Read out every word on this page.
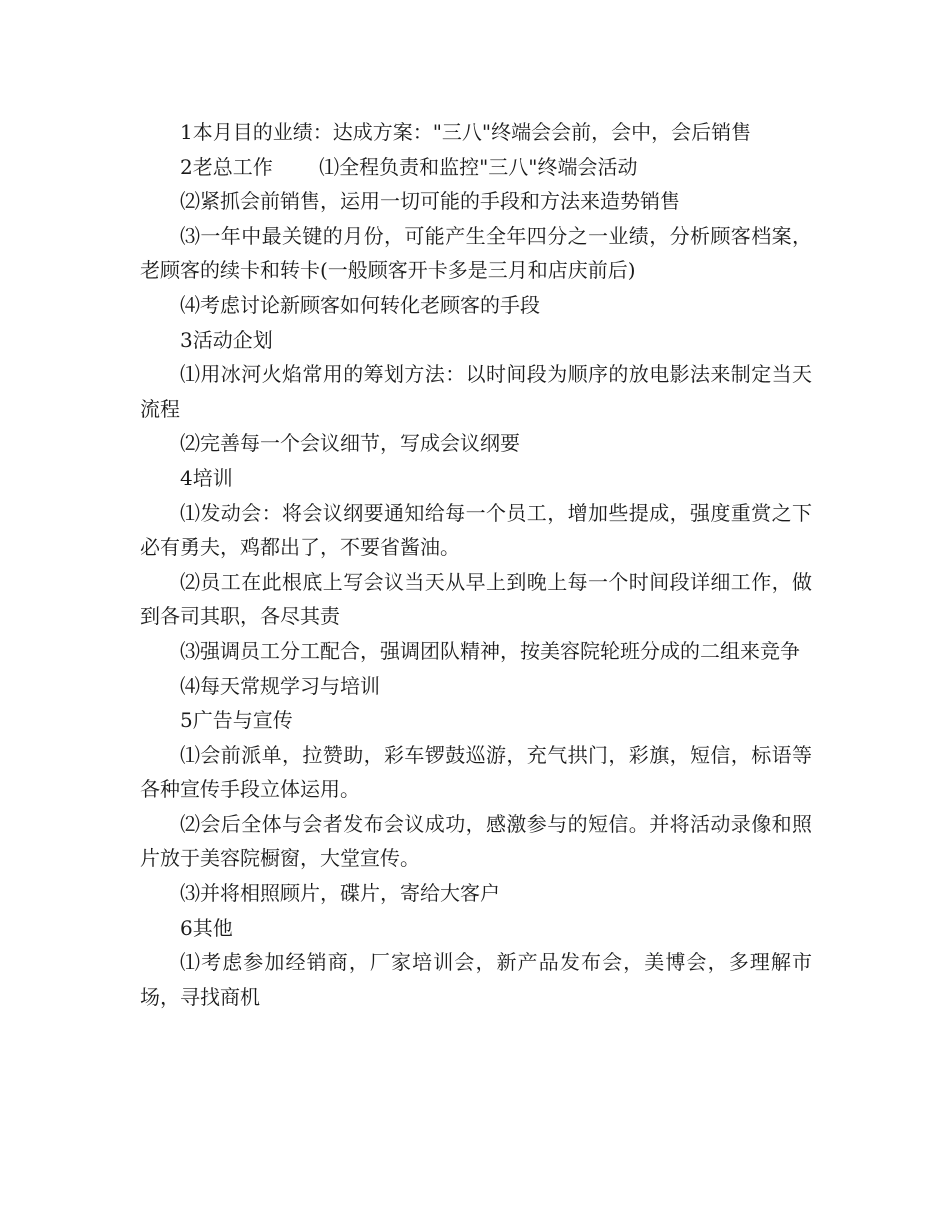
1本月目的业绩：达成方案："三八"终端会会前，会中，会后销售

2老总工作　　 ⑴全程负责和监控"三八"终端会活动

⑵紧抓会前销售，运用一切可能的手段和方法来造势销售

⑶一年中最关键的月份，可能产生全年四分之一业绩，分析顾客档案，老顾客的续卡和转卡(一般顾客开卡多是三月和店庆前后)

⑷考虑讨论新顾客如何转化老顾客的手段

3活动企划

⑴用冰河火焰常用的筹划方法：以时间段为顺序的放电影法来制定当天流程

⑵完善每一个会议细节，写成会议纲要

4培训

⑴发动会：将会议纲要通知给每一个员工，增加些提成，强度重赏之下必有勇夫，鸡都出了，不要省酱油。

⑵员工在此根底上写会议当天从早上到晚上每一个时间段详细工作，做到各司其职，各尽其责

⑶强调员工分工配合，强调团队精神，按美容院轮班分成的二组来竞争

⑷每天常规学习与培训

5广告与宣传

⑴会前派单，拉赞助，彩车锣鼓巡游，充气拱门，彩旗，短信，标语等各种宣传手段立体运用。

⑵会后全体与会者发布会议成功，感激参与的短信。并将活动录像和照片放于美容院橱窗，大堂宣传。

⑶并将相照顾片，碟片，寄给大客户

6其他

⑴考虑参加经销商，厂家培训会，新产品发布会，美博会，多理解市场，寻找商机
